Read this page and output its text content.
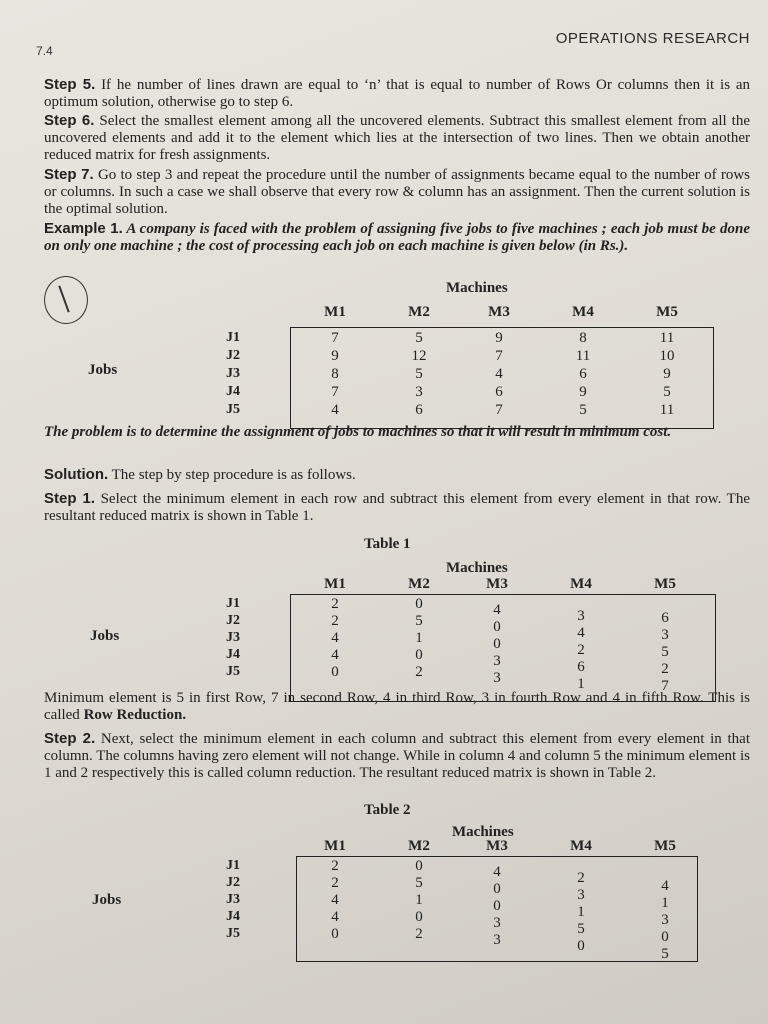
7.4
OPERATIONS RESEARCH
Step 5. If he number of lines drawn are equal to ‘n’ that is equal to number of Rows Or columns then it is an optimum solution, otherwise go to step 6.
Step 6. Select the smallest element among all the uncovered elements. Subtract this smallest element from all the uncovered elements and add it to the element which lies at the intersection of two lines. Then we obtain another reduced matrix for fresh assignments.
Step 7. Go to step 3 and repeat the procedure until the number of assignments became equal to the number of rows or columns. In such a case we shall observe that every row & column has an assignment. Then the current solution is the optimal solution.
Example 1. A company is faced with the problem of assigning five jobs to five machines ; each job must be done on only one machine ; the cost of processing each job on each machine is given below (in Rs.).
Machines
M1	M2	M3	M4	M5
J1	7	5	9	8	11
J2	9	12	7	11	10
J3	8	5	4	6	9
J4	7	3	6	9	5
J5	4	6	7	5	11
Jobs
The problem is to determine the assignment of jobs to machines so that it will result in minimum cost.
Solution. The step by step procedure is as follows.
Step 1. Select the minimum element in each row and subtract this element from every element in that row. The resultant reduced matrix is shown in Table 1.
Table 1
Machines
M1	M2	M3	M4	M5
J1	2	0	4	3	6
J2	2	5	0	4	3
J3	4	1	0	2	5
J4	4	0	3	6	2
J5	0	2	3	1	7
Jobs
Minimum element is 5 in first Row, 7 in second Row, 4 in third Row, 3 in fourth Row and 4 in fifth Row. This is called Row Reduction.
Step 2. Next, select the minimum element in each column and subtract this element from every element in that column. The columns having zero element will not change. While in column 4 and column 5 the minimum element is 1 and 2 respectively this is called column reduction. The resultant reduced matrix is shown in Table 2.
Table 2
Machines
M1	M2	M3	M4	M5
J1	2	0	4	2	4
J2	2	5	0	3	1
J3	4	1	0	1	3
J4	4	0	3	5	0
J5	0	2	3	0	5
Jobs
